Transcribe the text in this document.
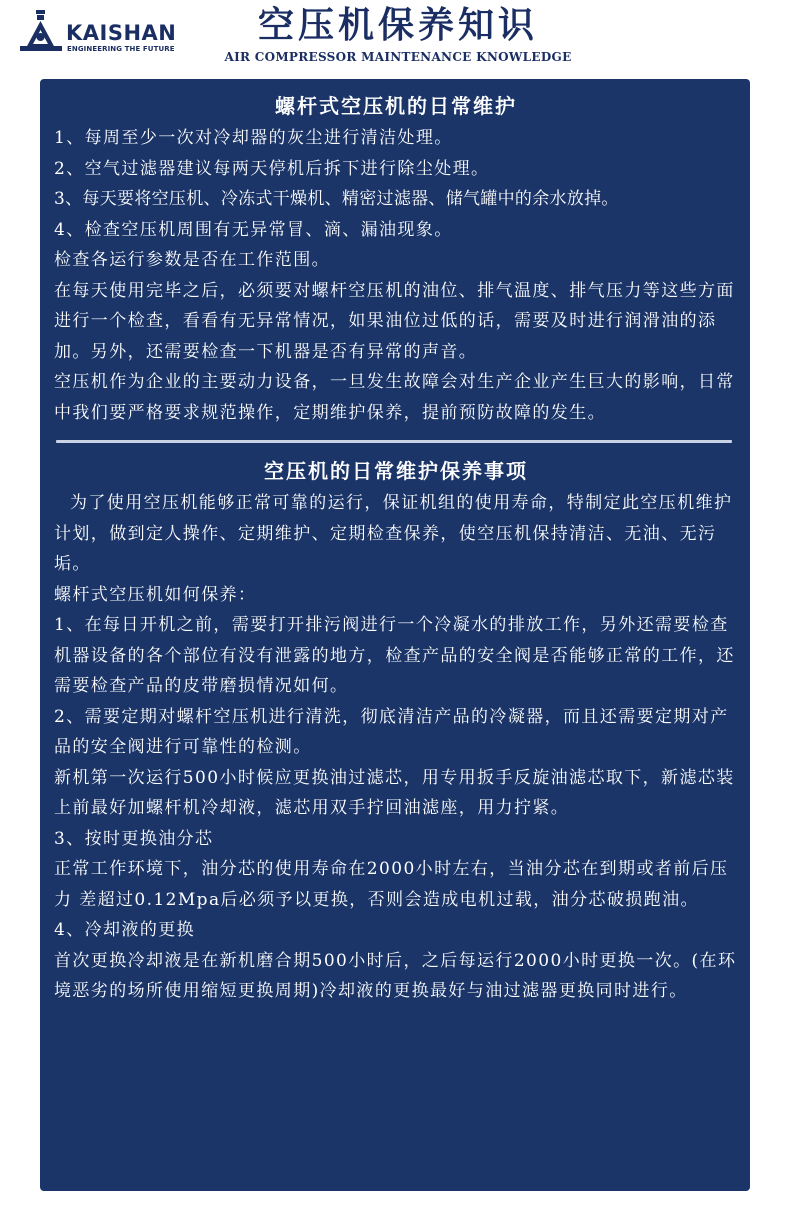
KAISHAN
ENGINEERING THE FUTURE
空压机保养知识
AIR COMPRESSOR MAINTENANCE KNOWLEDGE
螺杆式空压机的日常维护

1、每周至少一次对冷却器的灰尘进行清洁处理。

2、空气过滤器建议每两天停机后拆下进行除尘处理。

3、每天要将空压机、冷冻式干燥机、精密过滤器、储气罐中的余水放掉。

4、检查空压机周围有无异常冒、滴、漏油现象。

检查各运行参数是否在工作范围。

在每天使用完毕之后，必须要对螺杆空压机的油位、排气温度、排气压力等这些方面进行一个检查，看看有无异常情况，如果油位过低的话，需要及时进行润滑油的添加。另外，还需要检查一下机器是否有异常的声音。

空压机作为企业的主要动力设备，一旦发生故障会对生产企业产生巨大的影响，日常中我们要严格要求规范操作，定期维护保养，提前预防故障的发生。

空压机的日常维护保养事项

为了使用空压机能够正常可靠的运行，保证机组的使用寿命，特制定此空压机维护计划，做到定人操作、定期维护、定期检查保养，使空压机保持清洁、无油、无污垢。

螺杆式空压机如何保养：

1、在每日开机之前，需要打开排污阀进行一个冷凝水的排放工作，另外还需要检查机器设备的各个部位有没有泄露的地方，检查产品的安全阀是否能够正常的工作，还需要检查产品的皮带磨损情况如何。

2、需要定期对螺杆空压机进行清洗，彻底清洁产品的冷凝器，而且还需要定期对产品的安全阀进行可靠性的检测。

新机第一次运行500小时候应更换油过滤芯，用专用扳手反旋油滤芯取下，新滤芯装上前最好加螺杆机冷却液，滤芯用双手拧回油滤座，用力拧紧。

3、按时更换油分芯

正常工作环境下，油分芯的使用寿命在2000小时左右，当油分芯在到期或者前后压力 差超过0.12Mpa后必须予以更换，否则会造成电机过载，油分芯破损跑油。

4、冷却液的更换

首次更换冷却液是在新机磨合期500小时后，之后每运行2000小时更换一次。(在环境恶劣的场所使用缩短更换周期)冷却液的更换最好与油过滤器更换同时进行。
